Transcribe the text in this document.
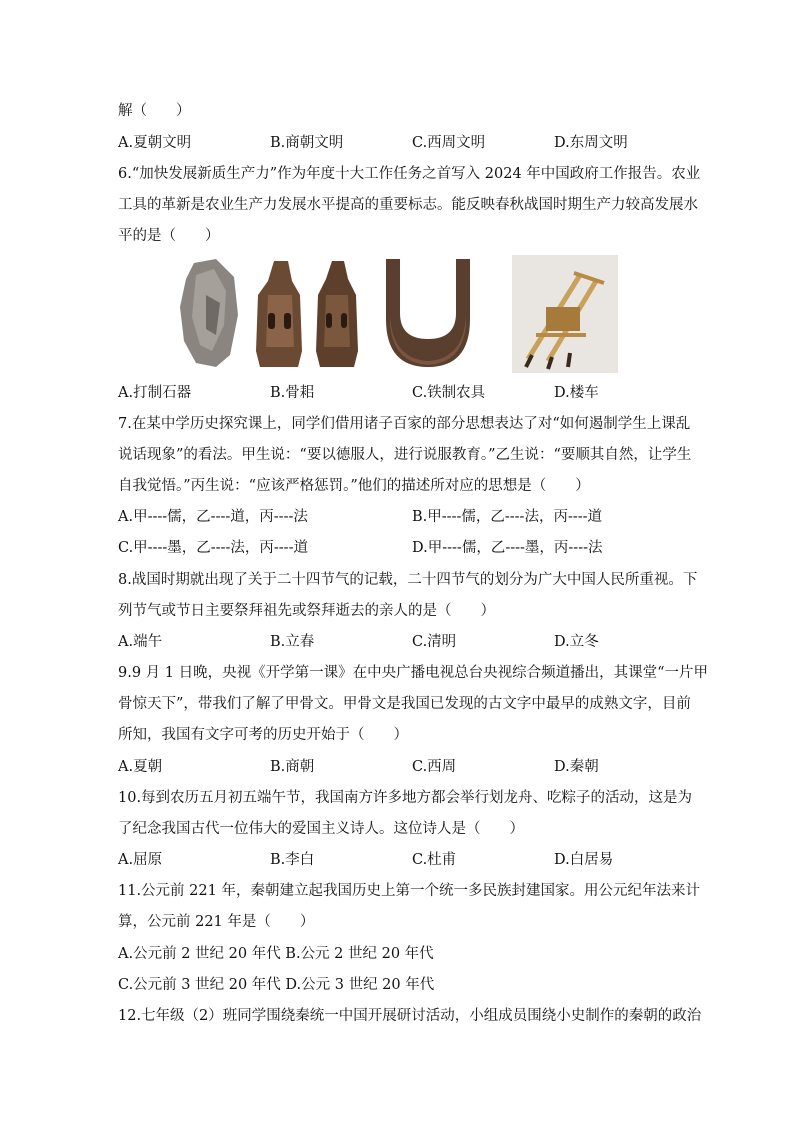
解（　　）
A.夏朝文明	B.商朝文明	C.西周文明	D.东周文明
6.“加快发展新质生产力”作为年度十大工作任务之首写入 2024 年中国政府工作报告。农业
工具的革新是农业生产力发展水平提高的重要标志。能反映春秋战国时期生产力较高发展水
平的是（　　）
A.打制石器	B.骨耜	C.铁制农具	D.楼车
7.在某中学历史探究课上，同学们借用诸子百家的部分思想表达了对“如何遏制学生上课乱
说话现象”的看法。甲生说：“要以德服人，进行说服教育。”乙生说：“要顺其自然，让学生
自我觉悟。”丙生说：“应该严格惩罚。”他们的描述所对应的思想是（　　）
A.甲----儒，乙----道，丙----法	B.甲----儒，乙----法，丙----道
C.甲----墨，乙----法，丙----道	D.甲----儒，乙----墨，丙----法
8.战国时期就出现了关于二十四节气的记载，二十四节气的划分为广大中国人民所重视。下
列节气或节日主要祭拜祖先或祭拜逝去的亲人的是（　　）
A.端午	B.立春	C.清明	D.立冬
9.9 月 1 日晚，央视《开学第一课》在中央广播电视总台央视综合频道播出，其课堂“一片甲
骨惊天下”，带我们了解了甲骨文。甲骨文是我国已发现的古文字中最早的成熟文字，目前
所知，我国有文字可考的历史开始于（　　）
A.夏朝	B.商朝	C.西周	D.秦朝
10.每到农历五月初五端午节，我国南方许多地方都会举行划龙舟、吃粽子的活动，这是为
了纪念我国古代一位伟大的爱国主义诗人。这位诗人是（　　）
A.屈原	B.李白	C.杜甫	D.白居易
11.公元前 221 年，秦朝建立起我国历史上第一个统一多民族封建国家。用公元纪年法来计
算，公元前 221 年是（　　）
A.公元前 2 世纪 20 年代 B.公元 2 世纪 20 年代
C.公元前 3 世纪 20 年代 D.公元 3 世纪 20 年代
12.七年级（2）班同学围绕秦统一中国开展研讨活动，小组成员围绕小史制作的秦朝的政治
